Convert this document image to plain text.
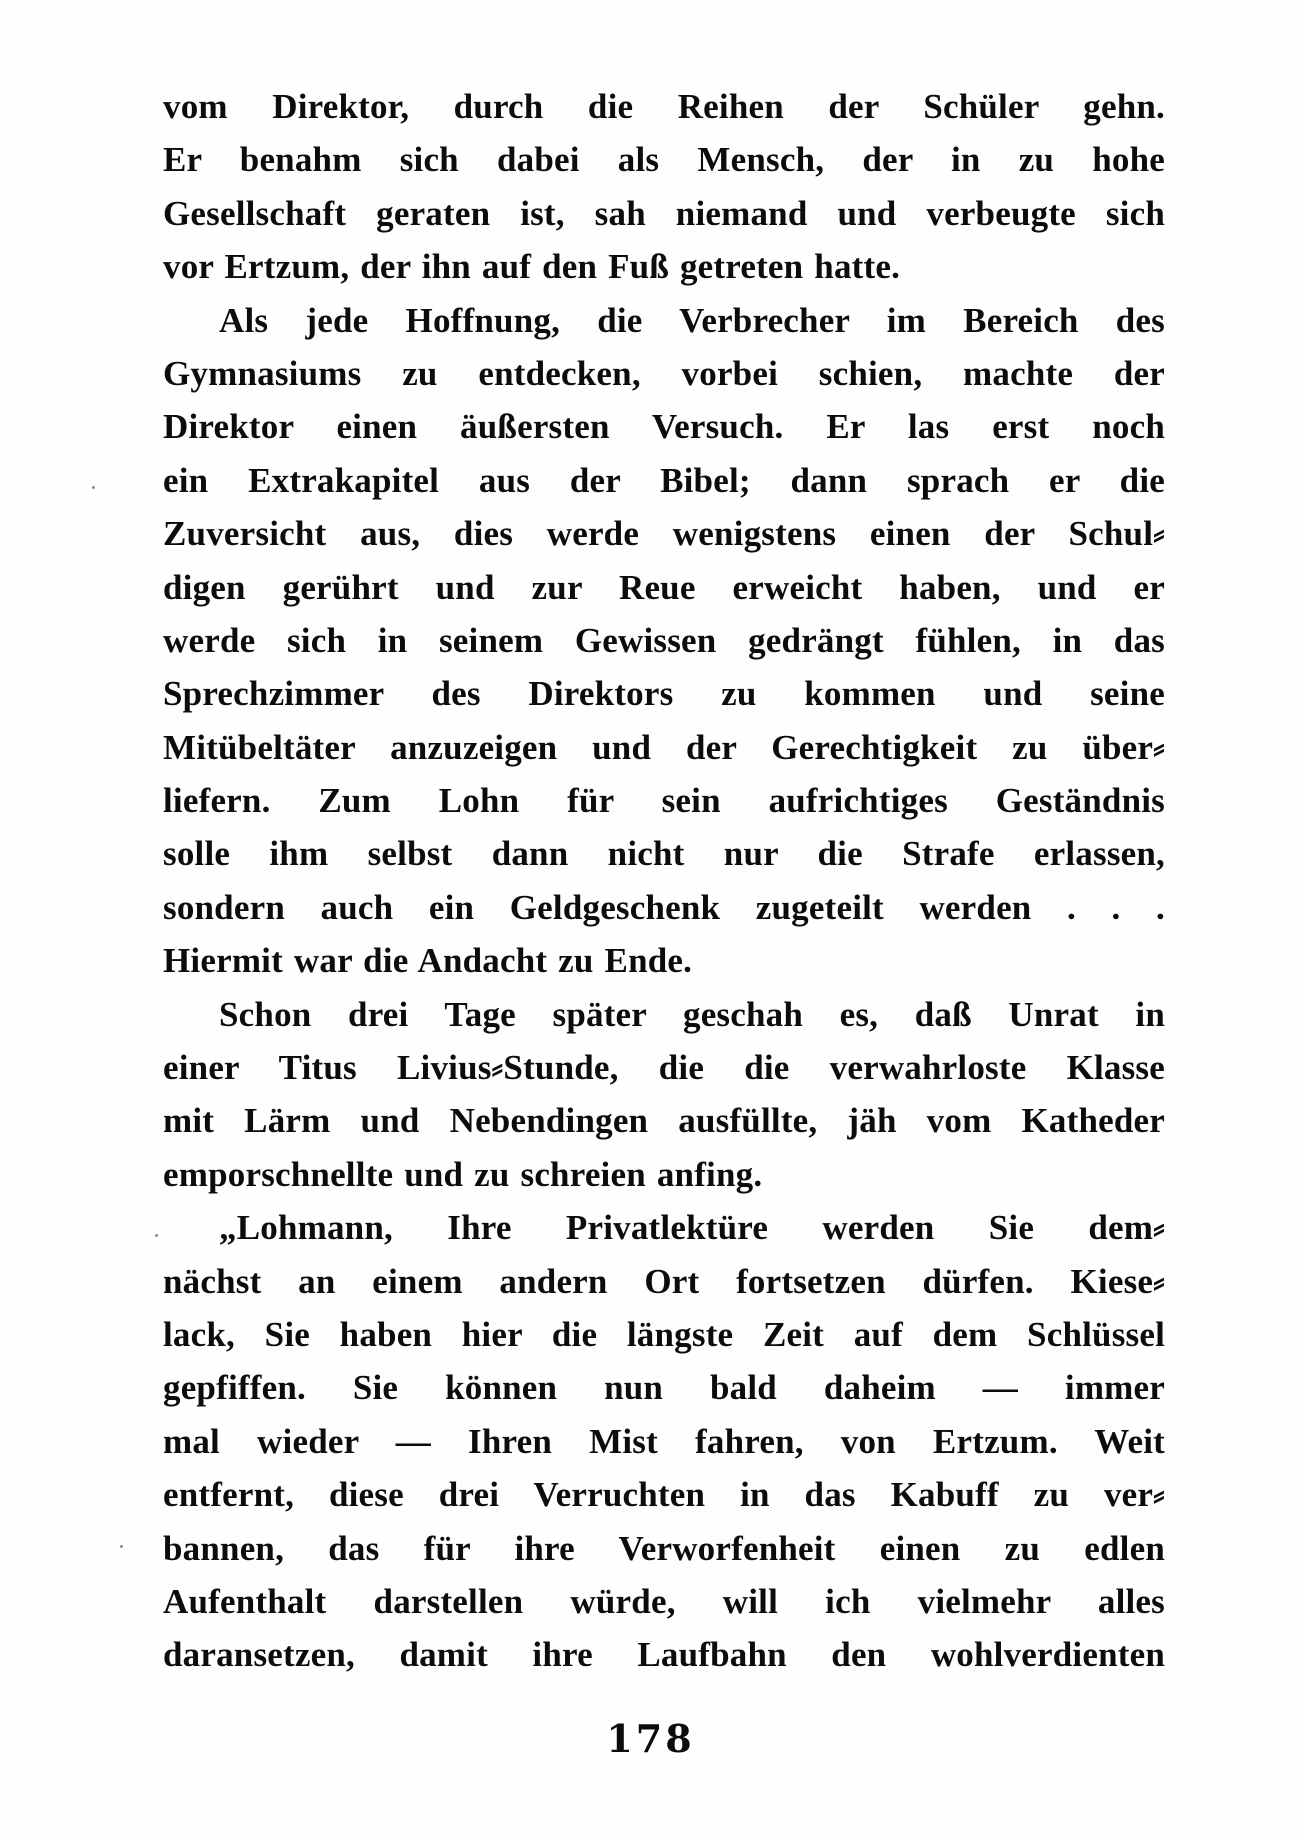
vom Direktor, durch die Reihen der Schüler gehn.
Er benahm sich dabei als Mensch, der in zu hohe
Gesellschaft geraten ist, sah niemand und verbeugte sich
vor Ertzum, der ihn auf den Fuß getreten hatte.
Als jede Hoffnung, die Verbrecher im Bereich des
Gymnasiums zu entdecken, vorbei schien, machte der
Direktor einen äußersten Versuch. Er las erst noch
ein Extrakapitel aus der Bibel; dann sprach er die
Zuversicht aus, dies werde wenigstens einen der Schul⸗
digen gerührt und zur Reue erweicht haben, und er
werde sich in seinem Gewissen gedrängt fühlen, in das
Sprechzimmer des Direktors zu kommen und seine
Mitübeltäter anzuzeigen und der Gerechtigkeit zu über⸗
liefern. Zum Lohn für sein aufrichtiges Geständnis
solle ihm selbst dann nicht nur die Strafe erlassen,
sondern auch ein Geldgeschenk zugeteilt werden . . .
Hiermit war die Andacht zu Ende.
Schon drei Tage später geschah es, daß Unrat in
einer Titus Livius⸗Stunde, die die verwahrloste Klasse
mit Lärm und Nebendingen ausfüllte, jäh vom Katheder
emporschnellte und zu schreien anfing.
„Lohmann, Ihre Privatlektüre werden Sie dem⸗
nächst an einem andern Ort fortsetzen dürfen. Kiese⸗
lack, Sie haben hier die längste Zeit auf dem Schlüssel
gepfiffen. Sie können nun bald daheim — immer
mal wieder — Ihren Mist fahren, von Ertzum. Weit
entfernt, diese drei Verruchten in das Kabuff zu ver⸗
bannen, das für ihre Verworfenheit einen zu edlen
Aufenthalt darstellen würde, will ich vielmehr alles
daransetzen, damit ihre Laufbahn den wohlverdienten
178
